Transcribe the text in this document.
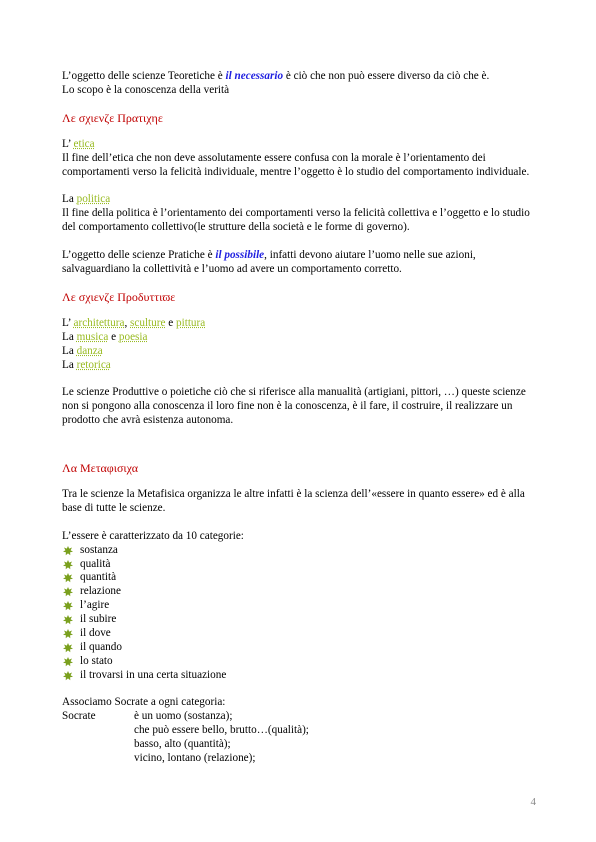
L’oggetto delle scienze Teoretiche è il necessario è ciò che non può essere diverso da ciò che è.

Lo scopo è la conoscenza della verità

Λε σχιενζε Πρατιχηε

L’ etica

Il fine dell’etica che non deve assolutamente essere confusa con la morale è l’orientamento dei comportamenti verso la felicità individuale, mentre l’oggetto è lo studio del comportamento individuale.

La politica

Il fine della politica è l’orientamento dei comportamenti verso la felicità collettiva e l’oggetto e lo studio del comportamento collettivo(le strutture della società e le forme di governo).

L’oggetto delle scienze Pratiche è il possibile, infatti devono aiutare l’uomo nelle sue azioni, salvaguardiano la collettività e l’uomo ad avere un comportamento corretto.

Λε σχιενζε Προδυττιϖε

L’ architettura, sculture e pittura

La musica e poesia

La danza

La retorica

Le scienze Produttive o poietiche ciò che si riferisce alla manualità (artigiani, pittori, …) queste scienze non si pongono alla conoscenza il loro fine non è la conoscenza, è il fare, il costruire, il realizzare un prodotto che avrà esistenza autonoma.

Λα Μεταφισιχα

Tra le scienze la Metafisica organizza le altre infatti è la scienza dell’«essere in quanto essere» ed è alla base di tutte le scienze.

L’essere è caratterizzato da 10 categorie:

sostanza
qualità
quantità
relazione
l’agire
il subire
il dove
il quando
lo stato
il trovarsi in una certa situazione

Associamo Socrate a ogni categoria:

Socrate	è un uomo (sostanza);

che può essere bello, brutto…(qualità);

basso, alto (quantità);

vicino, lontano (relazione);

4
